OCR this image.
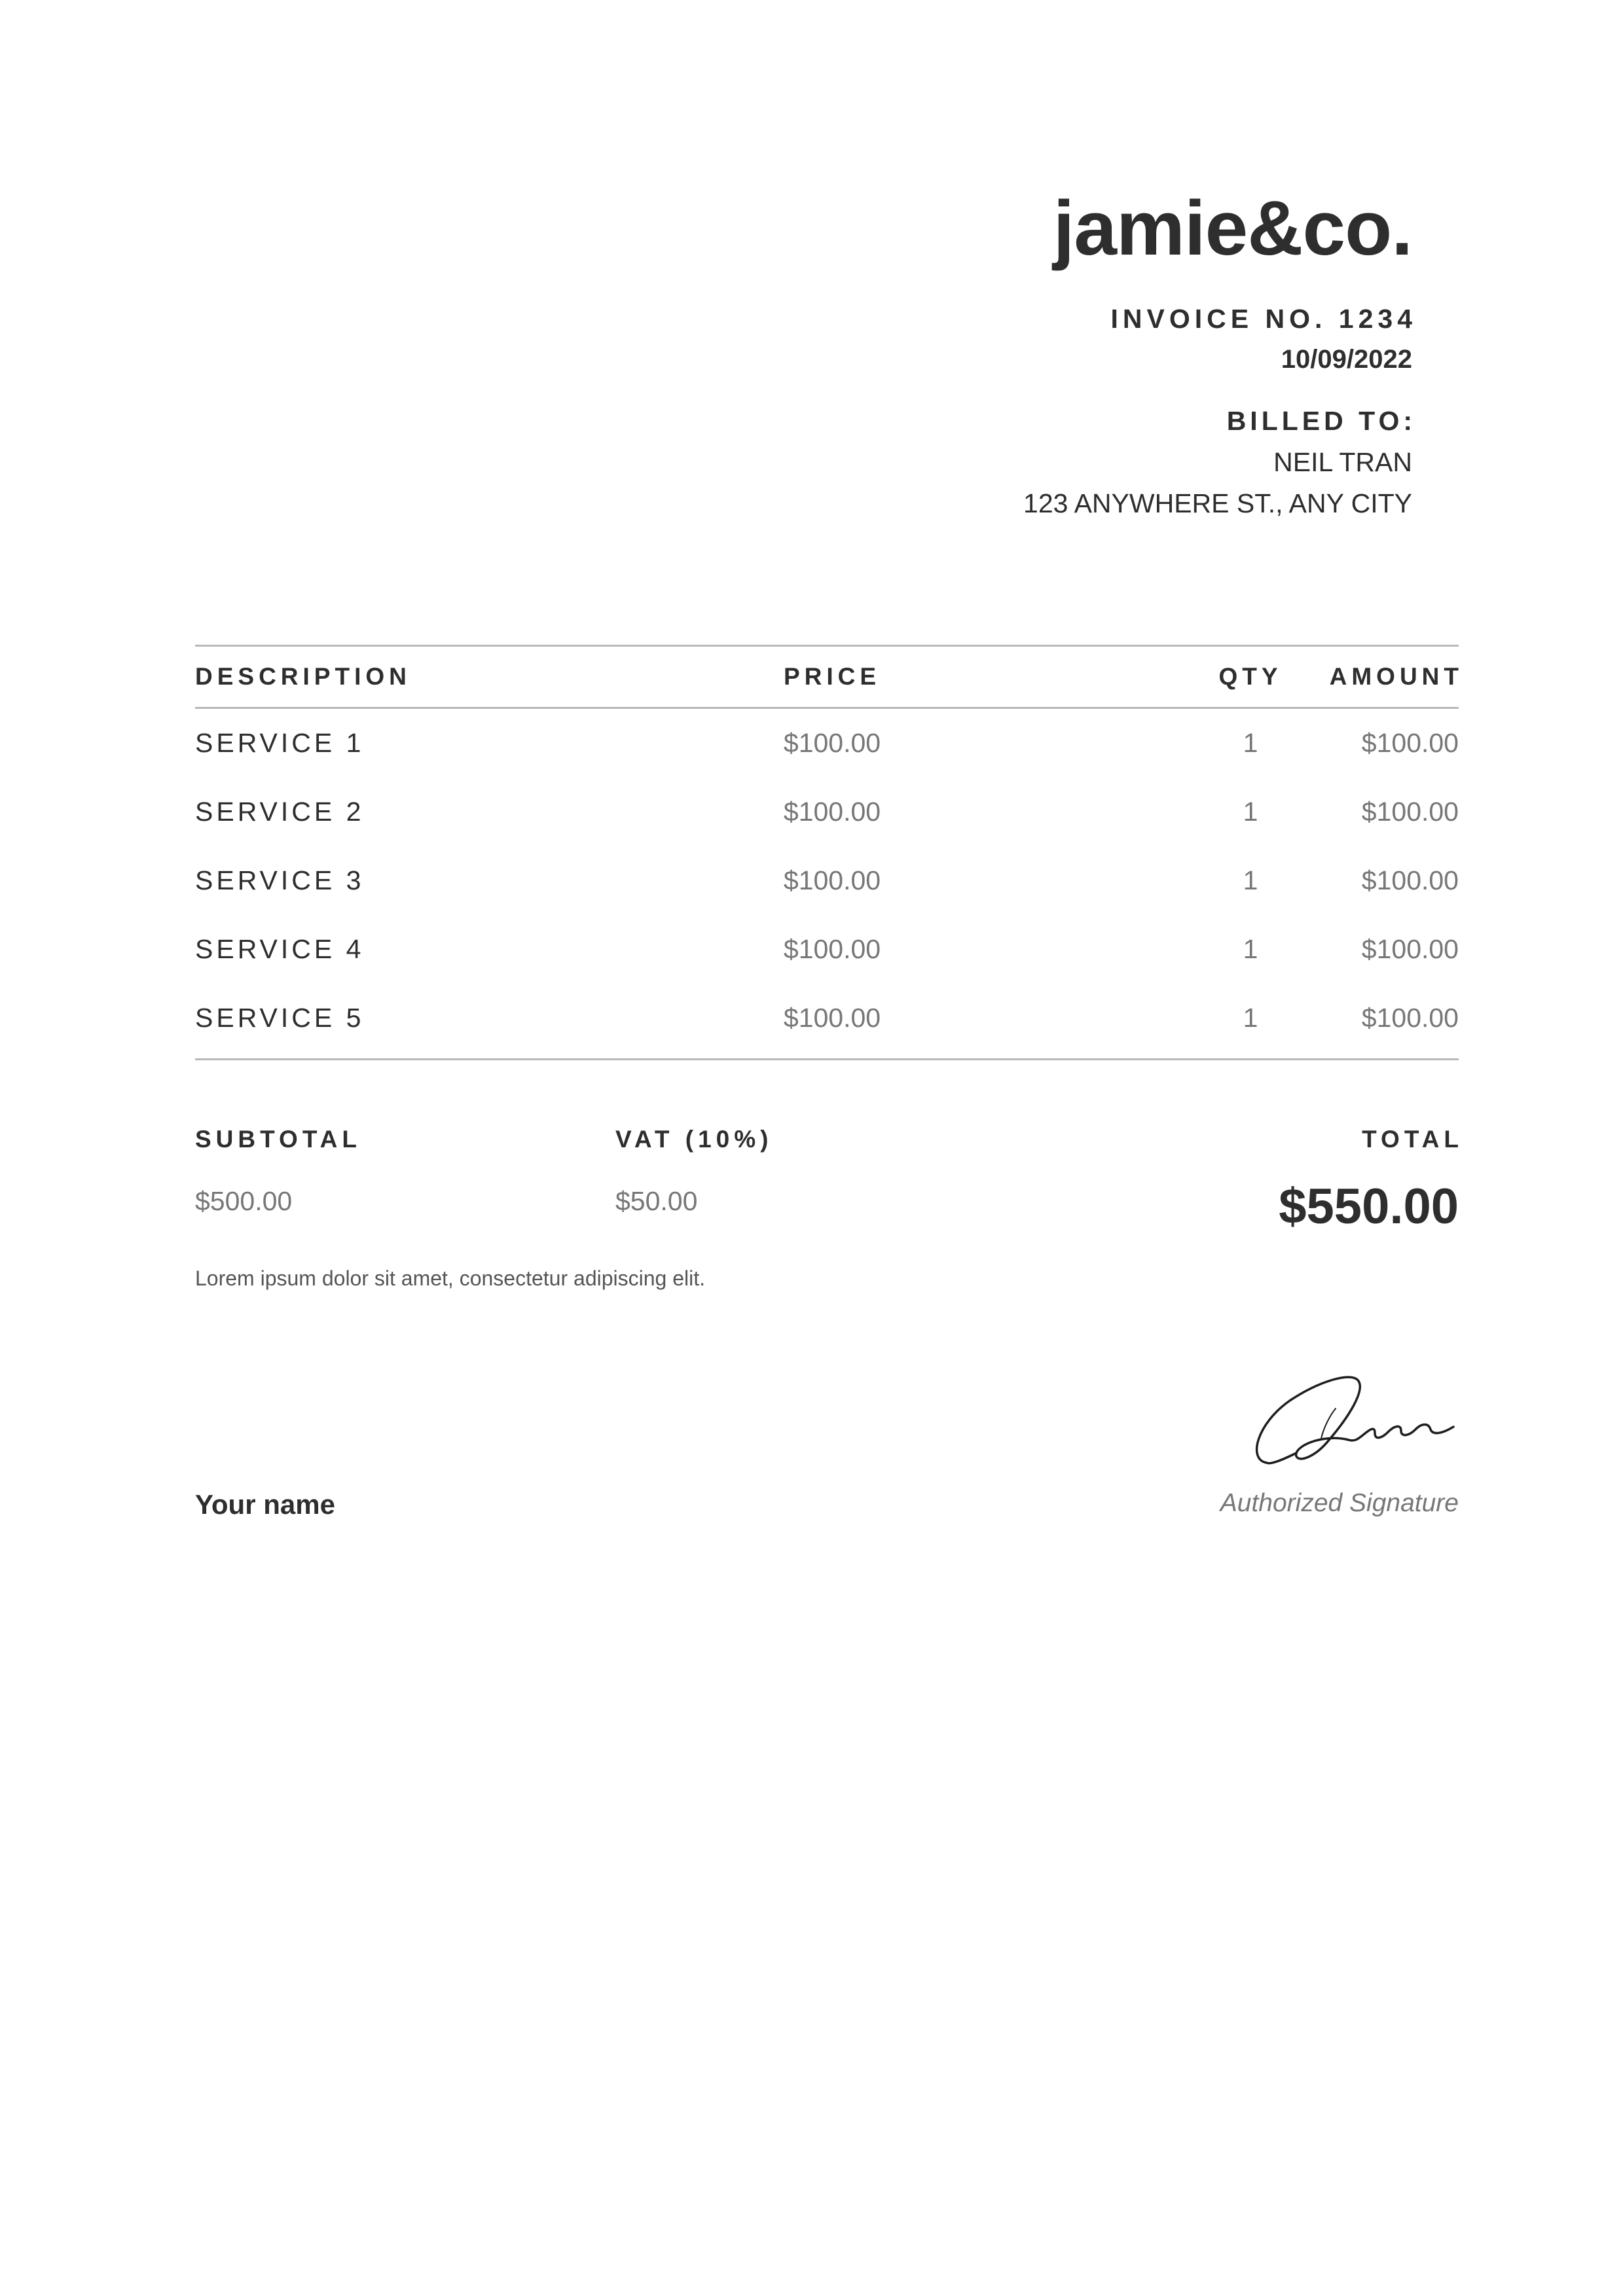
jamie&co.
INVOICE NO. 1234
10/09/2022
BILLED TO:
NEIL TRAN
123 ANYWHERE ST., ANY CITY
DESCRIPTION	PRICE	QTY	AMOUNT
SERVICE 1	$100.00	1	$100.00
SERVICE 2	$100.00	1	$100.00
SERVICE 3	$100.00	1	$100.00
SERVICE 4	$100.00	1	$100.00
SERVICE 5	$100.00	1	$100.00
SUBTOTAL
$500.00
VAT (10%)
$50.00
TOTAL
$550.00
Lorem ipsum dolor sit amet, consectetur adipiscing elit.
Your name	Authorized Signature
